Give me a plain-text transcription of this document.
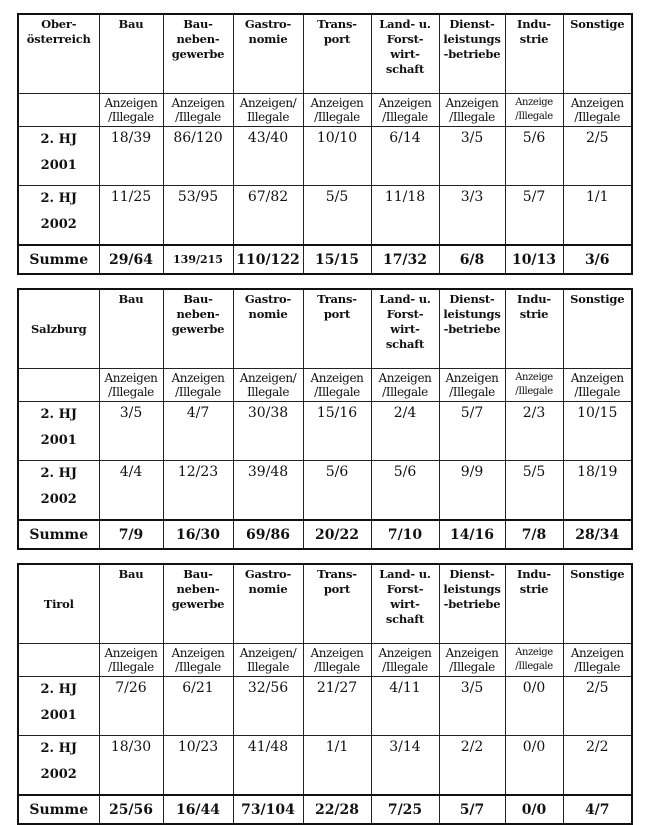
Ober-
österreich	Bau	Bau-
neben-
gewerbe	Gastro-
nomie	Trans-
port	Land- u.
Forst-
wirt-
schaft	Dienst-
leistungs
-betriebe	Indu-
strie	Sonstige

	Anzeigen
/Illegale	Anzeigen
/Illegale	Anzeigen/
Illegale	Anzeigen
/Illegale	Anzeigen
/Illegale	Anzeigen
/Illegale	Anzeige
/Illegale	Anzeigen
/Illegale

2. HJ
2001	18/39	86/120	43/40	10/10	6/14	3/5	5/6	2/5

2. HJ
2002	11/25	53/95	67/82	5/5	11/18	3/3	5/7	1/1
Summe	29/64	139/215	110/122	15/15	17/32	6/8	10/13	3/6
Salzburg	Bau	Bau-
neben-
gewerbe	Gastro-
nomie	Trans-
port	Land- u.
Forst-
wirt-
schaft	Dienst-
leistungs
-betriebe	Indu-
strie	Sonstige

	Anzeigen
/Illegale	Anzeigen
/Illegale	Anzeigen/
Illegale	Anzeigen
/Illegale	Anzeigen
/Illegale	Anzeigen
/Illegale	Anzeige
/Illegale	Anzeigen
/Illegale

2. HJ
2001	3/5	4/7	30/38	15/16	2/4	5/7	2/3	10/15

2. HJ
2002	4/4	12/23	39/48	5/6	5/6	9/9	5/5	18/19
Summe	7/9	16/30	69/86	20/22	7/10	14/16	7/8	28/34
Tirol	Bau	Bau-
neben-
gewerbe	Gastro-
nomie	Trans-
port	Land- u.
Forst-
wirt-
schaft	Dienst-
leistungs
-betriebe	Indu-
strie	Sonstige

	Anzeigen
/Illegale	Anzeigen
/Illegale	Anzeigen/
Illegale	Anzeigen
/Illegale	Anzeigen
/Illegale	Anzeigen
/Illegale	Anzeige
/Illegale	Anzeigen
/Illegale

2. HJ
2001	7/26	6/21	32/56	21/27	4/11	3/5	0/0	2/5

2. HJ
2002	18/30	10/23	41/48	1/1	3/14	2/2	0/0	2/2
Summe	25/56	16/44	73/104	22/28	7/25	5/7	0/0	4/7
